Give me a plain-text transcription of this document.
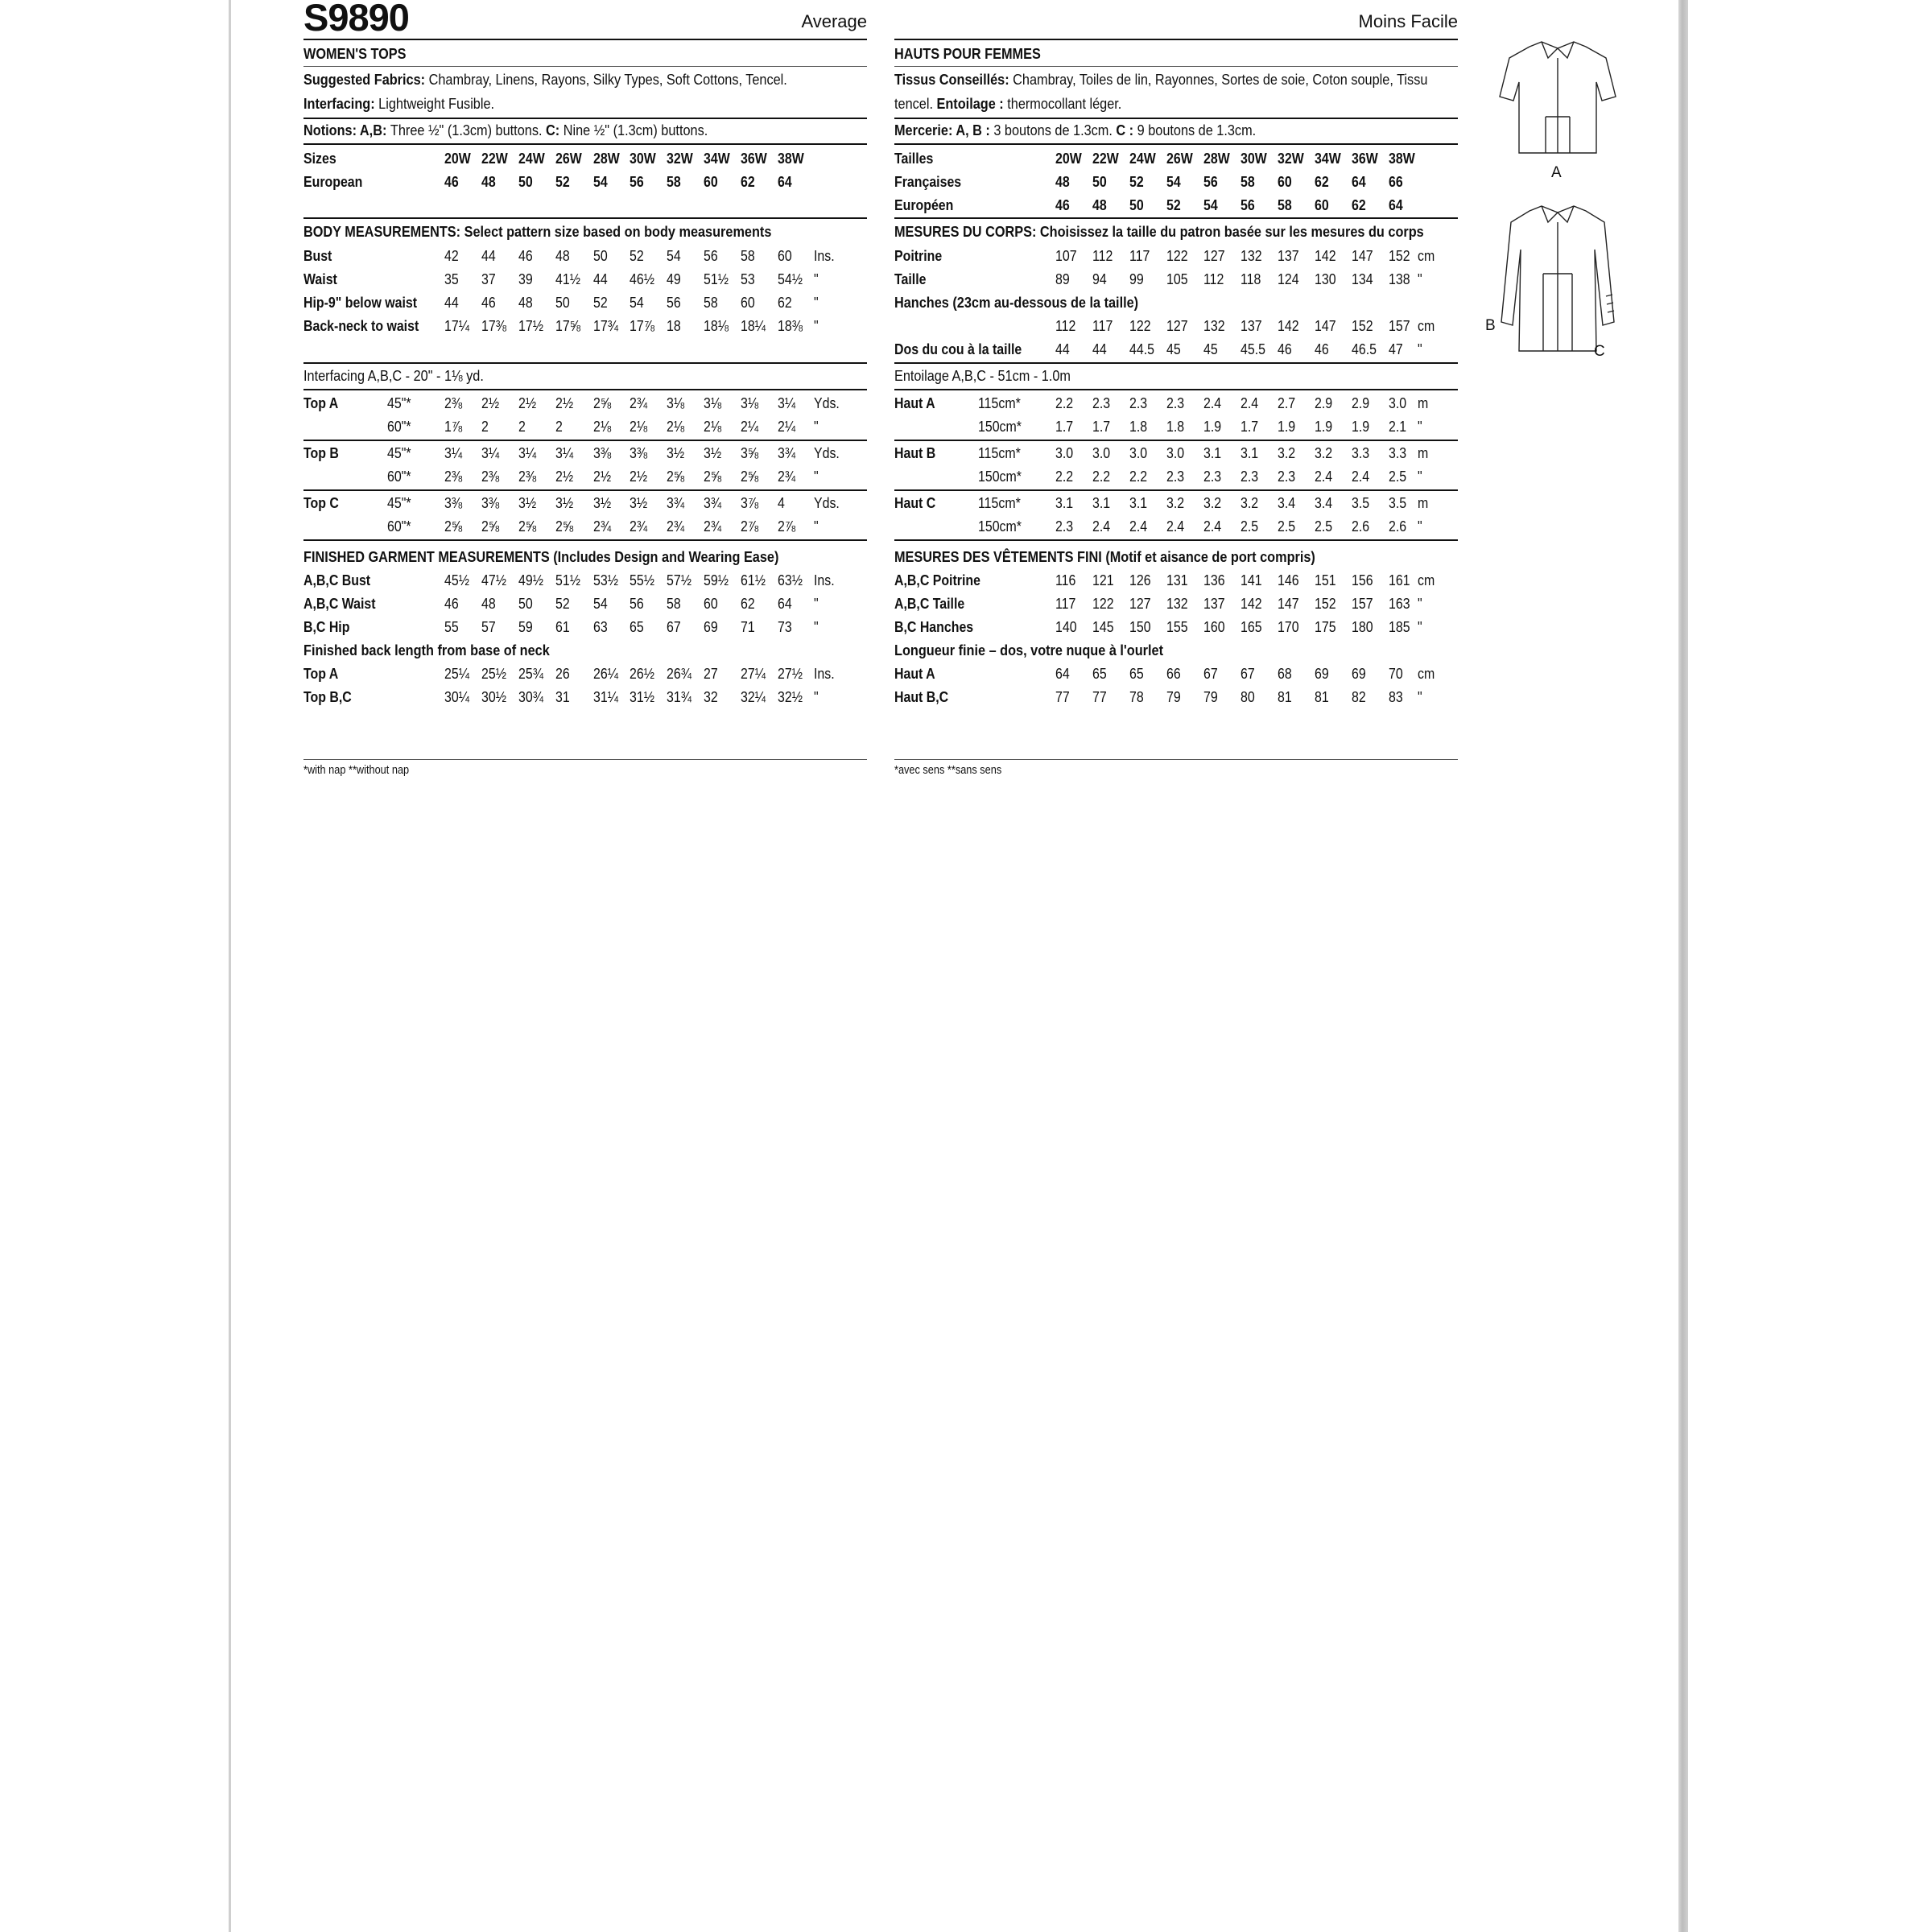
S9890	Average	Moins Facile
A
B
C
WOMEN'S TOPS
Suggested Fabrics: Chambray, Linens, Rayons, Silky Types, Soft Cottons, Tencel.
Interfacing: Lightweight Fusible.
Notions: A,B: Three ½" (1.3cm) buttons. C: Nine ½" (1.3cm) buttons.
Sizes	20W 22W 24W 26W 28W 30W 32W 34W 36W 38W
European	46 48 50 52 54 56 58 60 62 64
BODY MEASUREMENTS: Select pattern size based on body measurements
Bust	42 44 46 48 50 52 54 56 58 60 Ins.
Waist	35 37 39 41½ 44 46½ 49 51½ 53 54½ "
Hip-9" below waist 44 46 48 50 52 54 56 58 60 62 "
Back-neck to waist 17¼ 17⅜ 17½ 17⅝ 17¾ 17⅞ 18 18⅛ 18¼ 18⅜ "
Interfacing A,B,C - 20" - 1⅛ yd.
Top A	45"* 2⅜ 2½ 2½ 2½ 2⅝ 2¾ 3⅛ 3⅛ 3⅛ 3¼ Yds.
60"* 1⅞ 2 2 2 2⅛ 2⅛ 2⅛ 2⅛ 2¼ 2¼ "
Top B	45"* 3¼ 3¼ 3¼ 3¼ 3⅜ 3⅜ 3½ 3½ 3⅝ 3¾ Yds.
60"* 2⅜ 2⅜ 2⅜ 2½ 2½ 2½ 2⅝ 2⅝ 2⅝ 2¾ "
Top C	45"* 3⅜ 3⅜ 3½ 3½ 3½ 3½ 3¾ 3¾ 3⅞ 4 Yds.
60"* 2⅝ 2⅝ 2⅝ 2⅝ 2¾ 2¾ 2¾ 2¾ 2⅞ 2⅞ "
FINISHED GARMENT MEASUREMENTS (Includes Design and Wearing Ease)
A,B,C Bust	45½ 47½ 49½ 51½ 53½ 55½ 57½ 59½ 61½ 63½ Ins.
A,B,C Waist	46 48 50 52 54 56 58 60 62 64 "
B,C Hip	55 57 59 61 63 65 67 69 71 73 "
Finished back length from base of neck
Top A	25¼ 25½ 25¾ 26 26¼ 26½ 26¾ 27 27¼ 27½ Ins.
Top B,C	30¼ 30½ 30¾ 31 31¼ 31½ 31¾ 32 32¼ 32½ "
*with nap **without nap
HAUTS POUR FEMMES
Tissus Conseillés: Chambray, Toiles de lin, Rayonnes, Sortes de soie, Coton souple, Tissu
tencel. Entoilage : thermocollant léger.
Mercerie: A, B : 3 boutons de 1.3cm. C : 9 boutons de 1.3cm.
Tailles	20W 22W 24W 26W 28W 30W 32W 34W 36W 38W
Françaises	48 50 52 54 56 58 60 62 64 66
Européen	46 48 50 52 54 56 58 60 62 64
MESURES DU CORPS: Choisissez la taille du patron basée sur les mesures du corps
Poitrine	107 112 117 122 127 132 137 142 147 152 cm
Taille	89 94 99 105 112 118 124 130 134 138 "
Hanches (23cm au-dessous de la taille)
112 117 122 127 132 137 142 147 152 157 cm
Dos du cou à la taille 44 44 44.5 45 45 45.5 46 46 46.5 47 "
Entoilage A,B,C - 51cm - 1.0m
Haut A	115cm* 2.2 2.3 2.3 2.3 2.4 2.4 2.7 2.9 2.9 3.0 m
150cm* 1.7 1.7 1.8 1.8 1.9 1.7 1.9 1.9 1.9 2.1 "
Haut B	115cm* 3.0 3.0 3.0 3.0 3.1 3.1 3.2 3.2 3.3 3.3 m
150cm* 2.2 2.2 2.2 2.3 2.3 2.3 2.3 2.4 2.4 2.5 "
Haut C	115cm* 3.1 3.1 3.1 3.2 3.2 3.2 3.4 3.4 3.5 3.5 m
150cm* 2.3 2.4 2.4 2.4 2.4 2.5 2.5 2.5 2.6 2.6 "
MESURES DES VÊTEMENTS FINI (Motif et aisance de port compris)
A,B,C Poitrine	116 121 126 131 136 141 146 151 156 161 cm
A,B,C Taille	117 122 127 132 137 142 147 152 157 163 "
B,C Hanches	140 145 150 155 160 165 170 175 180 185 "
Longueur finie – dos, votre nuque à l'ourlet
Haut A	64 65 65 66 67 67 68 69 69 70 cm
Haut B,C	77 77 78 79 79 80 81 81 82 83 "
*avec sens **sans sens
